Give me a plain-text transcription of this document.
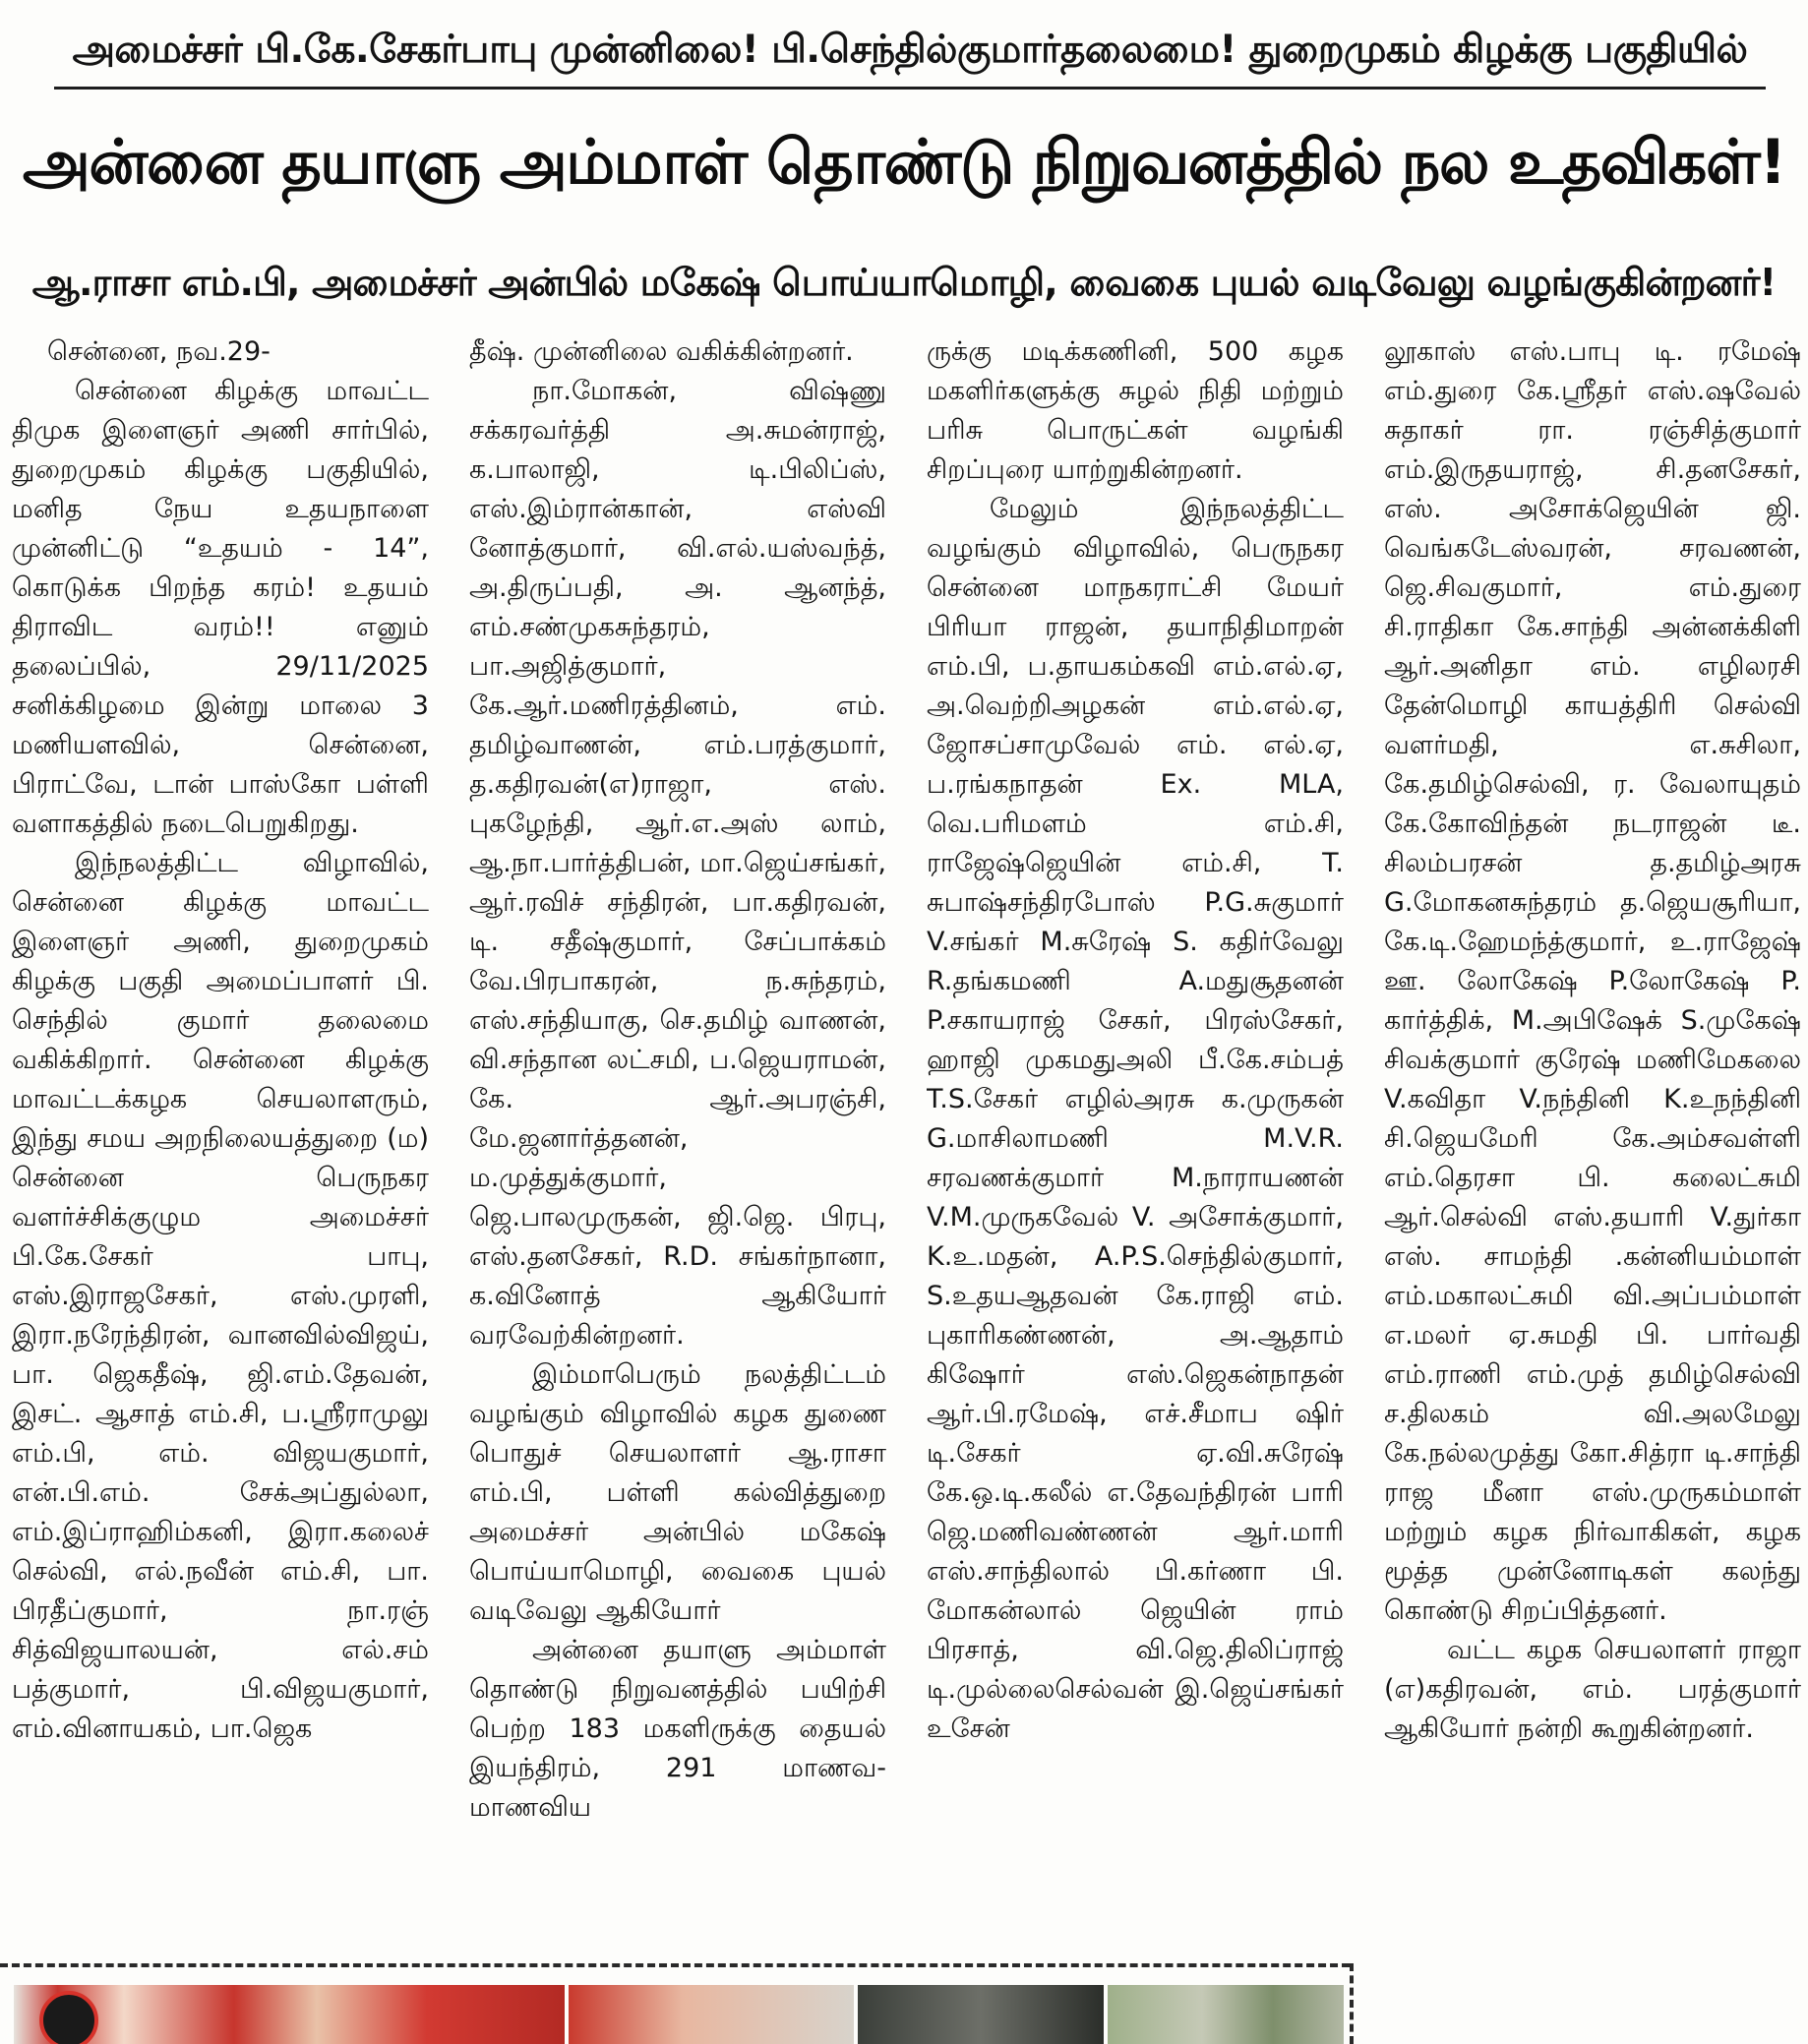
அமைச்சர் பி.கே.சேகர்பாபு முன்னிலை! பி.செந்தில்குமார்தலைமை! துறைமுகம் கிழக்கு பகுதியில்
அன்னை தயாளு அம்மாள் தொண்டு நிறுவனத்தில் நல உதவிகள்!
ஆ.ராசா எம்.பி, அமைச்சர் அன்பில் மகேஷ் பொய்யாமொழி, வைகை புயல் வடிவேலு வழங்குகின்றனர்!

சென்னை, நவ.29-

சென்னை கிழக்கு மாவட்ட திமுக இளைஞர் அணி சார்பில், துறைமுகம் கிழக்கு பகுதியில், மனித நேய உதயநாளை முன்னிட்டு “உதயம் - 14”, கொடுக்க பிறந்த கரம்! உதயம் திராவிட வரம்!! எனும் தலைப்பில், 29/11/2025 சனிக்கிழமை இன்று மாலை 3 மணியளவில், சென்னை, பிராட்வே, டான் பாஸ்கோ பள்ளி வளாகத்தில் நடைபெறுகிறது.

இந்நலத்திட்ட விழாவில், சென்னை கிழக்கு மாவட்ட இளைஞர் அணி, துறைமுகம் கிழக்கு பகுதி அமைப்பாளர் பி. செந்தில் குமார் தலைமை வகிக்கிறார். சென்னை கிழக்கு மாவட்டக்கழக செயலாளரும், இந்து சமய அறநிலையத்துறை (ம) சென்னை பெருநகர வளர்ச்சிக்குழும அமைச்சர் பி.கே.சேகர் பாபு, எஸ்.இராஜசேகர், எஸ்.முரளி, இரா.நரேந்திரன், வானவில்விஜய், பா. ஜெகதீஷ், ஜி.எம்.தேவன், இசட். ஆசாத் எம்.சி, ப.ஸ்ரீராமுலு எம்.பி, எம். விஜயகுமார், என்.பி.எம். சேக்அப்துல்லா, எம்.இப்ராஹிம்கனி, இரா.கலைச் செல்வி, எல்.நவீன் எம்.சி, பா. பிரதீப்குமார், நா.ரஞ் சித்விஜயாலயன், எல்.சம் பத்குமார், பி.விஜயகுமார், எம்.வினாயகம், பா.ஜெக

தீஷ். முன்னிலை வகிக்கின்றனர்.

நா.மோகன், விஷ்ணு சக்கரவர்த்தி அ.சுமன்ராஜ், க.பாலாஜி, டி.பிலிப்ஸ், எஸ்.இம்ரான்கான், எஸ்வி னோத்குமார், வி.எல்.யஸ்வந்த், அ.திருப்பதி, அ. ஆனந்த், எம்.சண்முகசுந்தரம், பா.அஜித்குமார், கே.ஆர்.மணிரத்தினம், எம். தமிழ்வாணன், எம்.பரத்குமார், த.கதிரவன்(எ)ராஜா, எஸ். புகழேந்தி, ஆர்.எ.அஸ் லாம், ஆ.நா.பார்த்திபன், மா.ஜெய்சங்கர், ஆர்.ரவிச் சந்திரன், பா.கதிரவன், டி. சதீஷ்குமார், சேப்பாக்கம் வே.பிரபாகரன், ந.சுந்தரம், எஸ்.சந்தியாகு, செ.தமிழ் வாணன், வி.சந்தான லட்சமி, ப.ஜெயராமன், கே. ஆர்.அபரஞ்சி, மே.ஜனார்த்தனன், ம.முத்துக்குமார், ஜெ.பாலமுருகன், ஜி.ஜெ. பிரபு, எஸ்.தனசேகர், R.D. சங்கர்நானா, க.வினோத் ஆகியோர் வரவேற்கின்றனர்.

இம்மாபெரும் நலத்திட்டம் வழங்கும் விழாவில் கழக துணை பொதுச் செயலாளர் ஆ.ராசா எம்.பி, பள்ளி கல்வித்துறை அமைச்சர் அன்பில் மகேஷ் பொய்யாமொழி, வைகை புயல் வடிவேலு ஆகியோர்

அன்னை தயாளு அம்மாள் தொண்டு நிறுவனத்தில் பயிற்சி பெற்ற 183 மகளிருக்கு தையல் இயந்திரம், 291 மாணவ-மாணவிய

ருக்கு மடிக்கணினி, 500 கழக மகளிர்களுக்கு சுழல் நிதி மற்றும் பரிசு பொருட்கள் வழங்கி சிறப்புரை யாற்றுகின்றனர்.

மேலும் இந்நலத்திட்ட வழங்கும் விழாவில், பெருநகர சென்னை மாநகராட்சி மேயர் பிரியா ராஜன், தயாநிதிமாறன் எம்.பி, ப.தாயகம்கவி எம்.எல்.ஏ, அ.வெற்றிஅழகன் எம்.எல்.ஏ, ஜோசப்சாமுவேல் எம். எல்.ஏ, ப.ரங்கநாதன் Ex. MLA, வெ.பரிமளம் எம்.சி, ராஜேஷ்ஜெயின் எம்.சி, T. சுபாஷ்சந்திரபோஸ் P.G.சுகுமார் V.சங்கர் M.சுரேஷ் S. கதிர்வேலு R.தங்கமணி A.மதுசூதனன் P.சகாயராஜ் சேகர், பிரஸ்சேகர், ஹாஜி முகமதுஅலி பீ.கே.சம்பத் T.S.சேகர் எழில்அரசு க.முருகன் G.மாசிலாமணி M.V.R. சரவணக்குமார் M.நாராயணன் V.M.முருகவேல் V. அசோக்குமார், K.உ.மதன், A.P.S.செந்தில்குமார், S.உதயஆதவன் கே.ராஜி எம். புகாரிகண்ணன், அ.ஆதாம் கிஷோர் எஸ்.ஜெகன்நாதன் ஆர்.பி.ரமேஷ், எச்.சீமாப ஷிர் டி.சேகர் ஏ.வி.சுரேஷ் கே.ஒ.டி.கலீல் எ.தேவந்திரன் பாரி ஜெ.மணிவண்ணன் ஆர்.மாரி எஸ்.சாந்திலால் பி.கர்ணா பி. மோகன்லால் ஜெயின் ராம் பிரசாத், வி.ஜெ.திலிப்ராஜ் டி.முல்லைசெல்வன் இ.ஜெய்சங்கர் உசேன்

லூகாஸ் எஸ்.பாபு டி. ரமேஷ் எம்.துரை கே.ஸ்ரீதர் எஸ்.ஷவேல் சுதாகர் ரா. ரஞ்சித்குமார் எம்.இருதயராஜ், சி.தனசேகர், எஸ். அசோக்ஜெயின் ஜி. வெங்கடேஸ்வரன், சரவணன், ஜெ.சிவகுமார், எம்.துரை சி.ராதிகா கே.சாந்தி அன்னக்கிளி ஆர்.அனிதா எம். எழிலரசி தேன்மொழி காயத்திரி செல்வி வளர்மதி, எ.சுசிலா, கே.தமிழ்செல்வி, ர. வேலாயுதம் கே.கோவிந்தன் நடராஜன் டீ. சிலம்பரசன் த.தமிழ்அரசு G.மோகனசுந்தரம் த.ஜெயசூரியா, கே.டி.ஹேமந்த்குமார், உ.ராஜேஷ் ஊ. லோகேஷ் P.லோகேஷ் P. கார்த்திக், M.அபிஷேக் S.முகேஷ் சிவக்குமார் குரேஷ் மணிமேகலை V.கவிதா V.நந்தினி K.உநந்தினி சி.ஜெயமேரி கே.அம்சவள்ளி எம்.தெரசா பி. கலைட்சுமி ஆர்.செல்வி எஸ்.தயாரி V.துர்கா எஸ். சாமந்தி .கன்னியம்மாள் எம்.மகாலட்சுமி வி.அப்பம்மாள் எ.மலர் ஏ.சுமதி பி. பார்வதி எம்.ராணி எம்.முத் தமிழ்செல்வி ச.திலகம் வி.அலமேலு கே.நல்லமுத்து கோ.சித்ரா டி.சாந்தி ராஜ மீனா எஸ்.முருகம்மாள் மற்றும் கழக நிர்வாகிகள், கழக மூத்த முன்னோடிகள் கலந்து கொண்டு சிறப்பித்தனர்.

வட்ட கழக செயலாளர் ராஜா (எ)கதிரவன், எம். பரத்குமார் ஆகியோர் நன்றி கூறுகின்றனர்.
